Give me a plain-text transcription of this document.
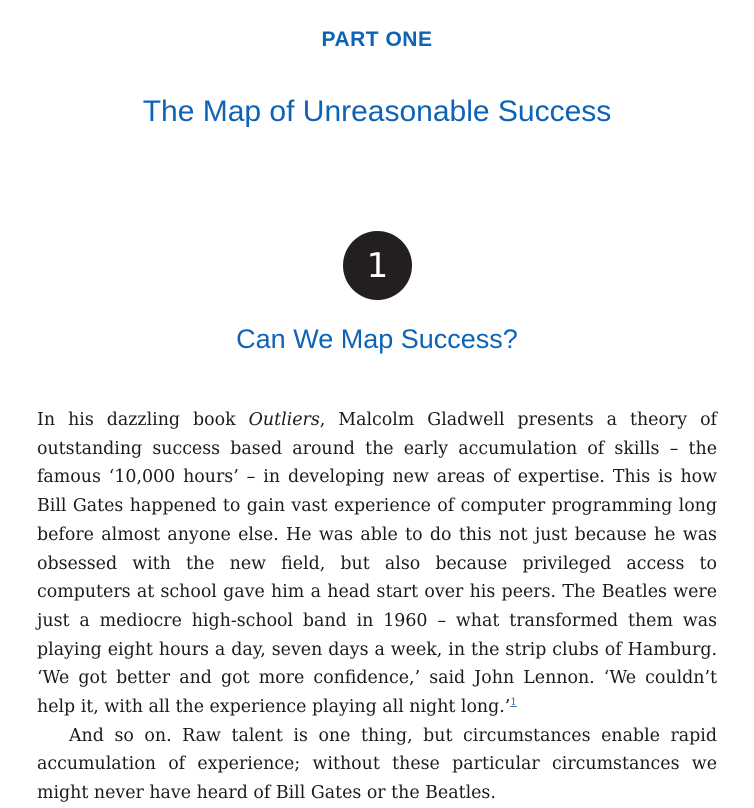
PART ONE
The Map of Unreasonable Success
1
Can We Map Success?

In his dazzling book Outliers, Malcolm Gladwell presents a theory of outstanding success based around the early accumulation of skills – the famous ‘10,000 hours’ – in developing new areas of expertise. This is how Bill Gates happened to gain vast experience of computer programming long before almost anyone else. He was able to do this not just because he was obsessed with the new field, but also because privileged access to computers at school gave him a head start over his peers. The Beatles were just a mediocre high-school band in 1960 – what transformed them was playing eight hours a day, seven days a week, in the strip clubs of Hamburg. ‘We got better and got more confidence,’ said John Lennon. ‘We couldn’t help it, with all the experience playing all night long.’$^1$

And so on. Raw talent is one thing, but circumstances enable rapid accumulation of experience; without these particular circumstances we might never have heard of Bill Gates or the Beatles.
